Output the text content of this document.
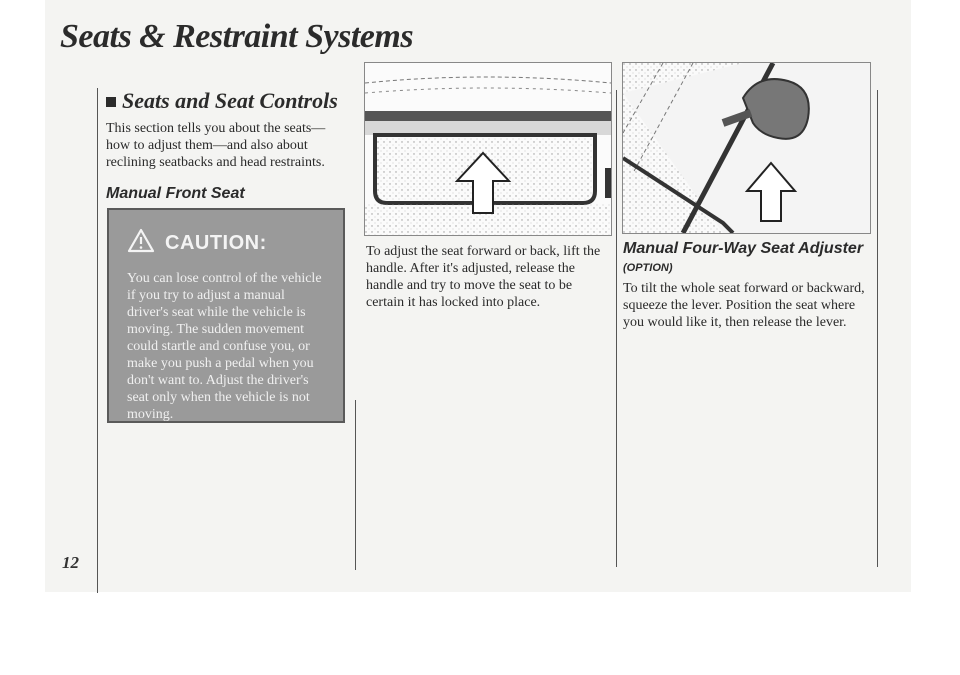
Seats & Restraint Systems
12
Seats and Seat Controls

This section tells you about the seats—how to adjust them—and also about reclining seatbacks and head restraints.

Manual Front Seat
CAUTION:

You can lose control of the vehicle if you try to adjust a manual driver's seat while the vehicle is moving. The sudden movement could startle and confuse you, or make you push a pedal when you don't want to. Adjust the driver's seat only when the vehicle is not moving.

To adjust the seat forward or back, lift the handle. After it's adjusted, release the handle and try to move the seat to be certain it has locked into place.

Manual Four-Way Seat Adjuster

(OPTION)

To tilt the whole seat forward or backward, squeeze the lever. Position the seat where you would like it, then release the lever.
